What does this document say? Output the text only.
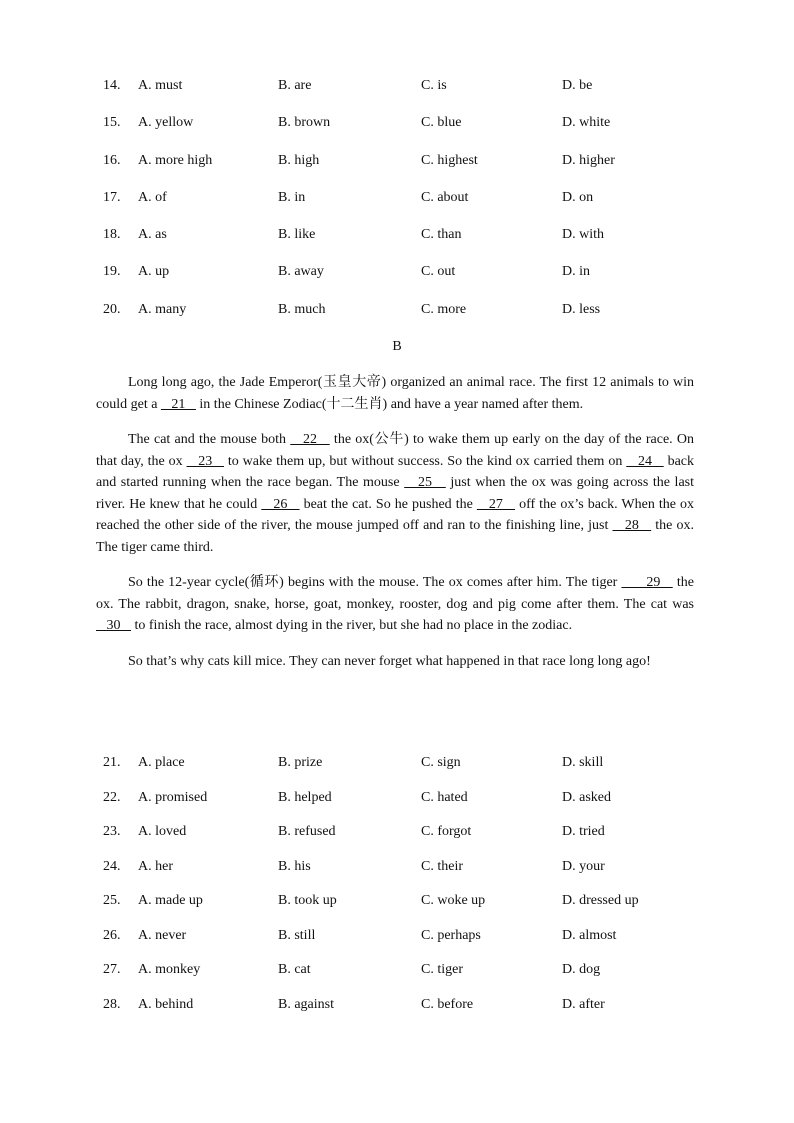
14. A. must	B. are	C. is	D. be
15. A. yellow	B. brown	C. blue	D. white
16. A. more high	B. high	C. highest	D. higher
17. A. of	B. in	C. about	D. on
18. A. as	B. like	C. than	D. with
19. A. up	B. away	C. out	D. in
20. A. many	B. much	C. more	D. less
B

Long long ago, the Jade Emperor(玉皇大帝) organized an animal race. The first 12 animals to win could get a    21    in the Chinese Zodiac(十二生肖) and have a year named after them.

The cat and the mouse both    22    the ox(公牛) to wake them up early on the day of the race. On that day, the ox    23    to wake them up, but without success. So the kind ox carried them on    24    back and started running when the race began. The mouse    25    just when the ox was going across the last river. He knew that he could    26    beat the cat. So he pushed the    27    off the ox’s back. When the ox reached the other side of the river, the mouse jumped off and ran to the finishing line, just    28    the ox. The tiger came third.

So the 12-year cycle(循环) begins with the mouse. The ox comes after him. The tiger       29    the ox. The rabbit, dragon, snake, horse, goat, monkey, rooster, dog and pig come after them. The cat was    30    to finish the race, almost dying in the river, but she had no place in the zodiac.

So that’s why cats kill mice. They can never forget what happened in that race long long ago!

21. A. place	B. prize	C. sign	D. skill
22. A. promised	B. helped	C. hated	D. asked
23. A. loved	B. refused	C. forgot	D. tried
24. A. her	B. his	C. their	D. your
25. A. made up	B. took up	C. woke up	D. dressed up
26. A. never	B. still	C. perhaps	D. almost
27. A. monkey	B. cat	C. tiger	D. dog
28. A. behind	B. against	C. before	D. after
